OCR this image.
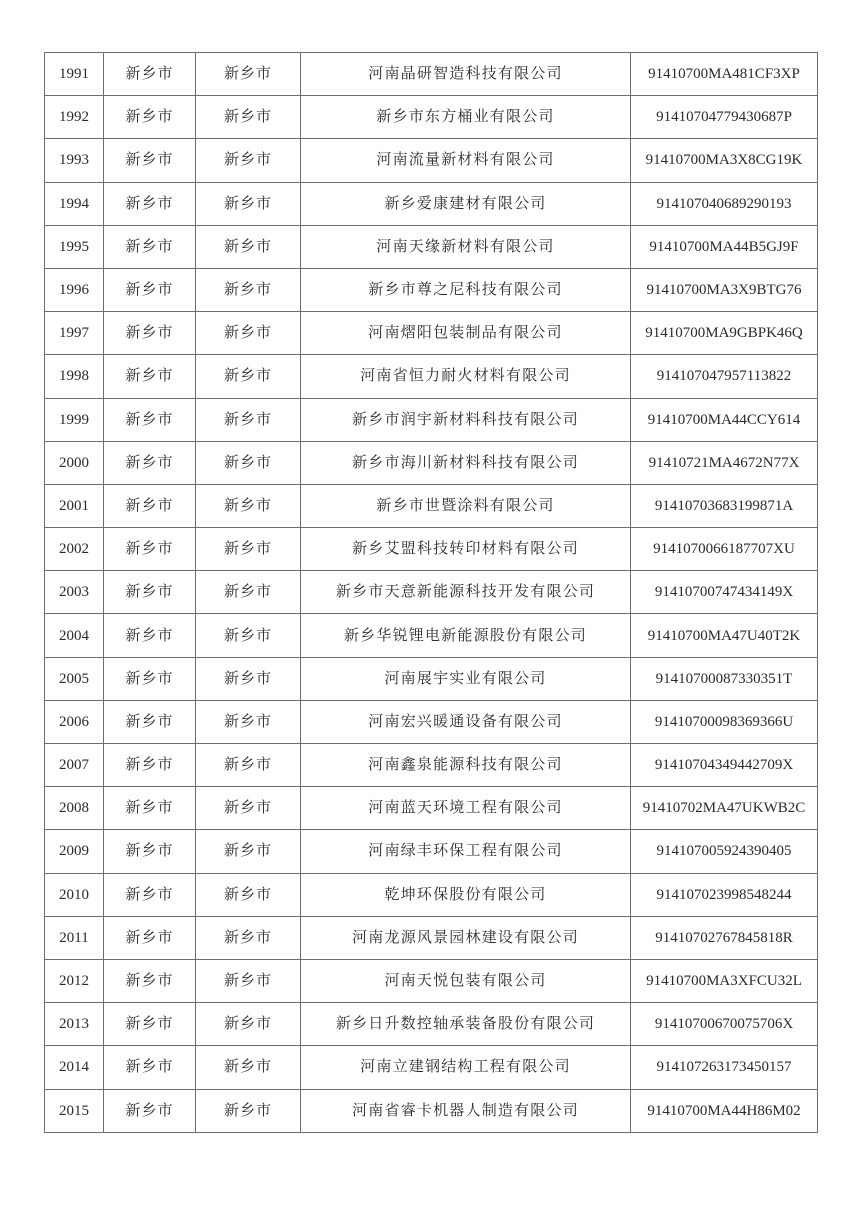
1991	新乡市	新乡市	河南晶研智造科技有限公司	91410700MA481CF3XP
1992	新乡市	新乡市	新乡市东方桶业有限公司	91410704779430687P
1993	新乡市	新乡市	河南流量新材料有限公司	91410700MA3X8CG19K
1994	新乡市	新乡市	新乡爱康建材有限公司	914107040689290193
1995	新乡市	新乡市	河南天缘新材料有限公司	91410700MA44B5GJ9F
1996	新乡市	新乡市	新乡市尊之尼科技有限公司	91410700MA3X9BTG76
1997	新乡市	新乡市	河南熠阳包装制品有限公司	91410700MA9GBPK46Q
1998	新乡市	新乡市	河南省恒力耐火材料有限公司	914107047957113822
1999	新乡市	新乡市	新乡市润宇新材料科技有限公司	91410700MA44CCY614
2000	新乡市	新乡市	新乡市海川新材料科技有限公司	91410721MA4672N77X
2001	新乡市	新乡市	新乡市世暨涂料有限公司	91410703683199871A
2002	新乡市	新乡市	新乡艾盟科技转印材料有限公司	9141070066187707XU
2003	新乡市	新乡市	新乡市天意新能源科技开发有限公司	91410700747434149X
2004	新乡市	新乡市	新乡华锐锂电新能源股份有限公司	91410700MA47U40T2K
2005	新乡市	新乡市	河南展宇实业有限公司	91410700087330351T
2006	新乡市	新乡市	河南宏兴暖通设备有限公司	91410700098369366U
2007	新乡市	新乡市	河南鑫泉能源科技有限公司	91410704349442709X
2008	新乡市	新乡市	河南蓝天环境工程有限公司	91410702MA47UKWB2C
2009	新乡市	新乡市	河南绿丰环保工程有限公司	914107005924390405
2010	新乡市	新乡市	乾坤环保股份有限公司	914107023998548244
2011	新乡市	新乡市	河南龙源风景园林建设有限公司	91410702767845818R
2012	新乡市	新乡市	河南天悦包装有限公司	91410700MA3XFCU32L
2013	新乡市	新乡市	新乡日升数控轴承装备股份有限公司	91410700670075706X
2014	新乡市	新乡市	河南立建钢结构工程有限公司	914107263173450157
2015	新乡市	新乡市	河南省睿卡机器人制造有限公司	91410700MA44H86M02
